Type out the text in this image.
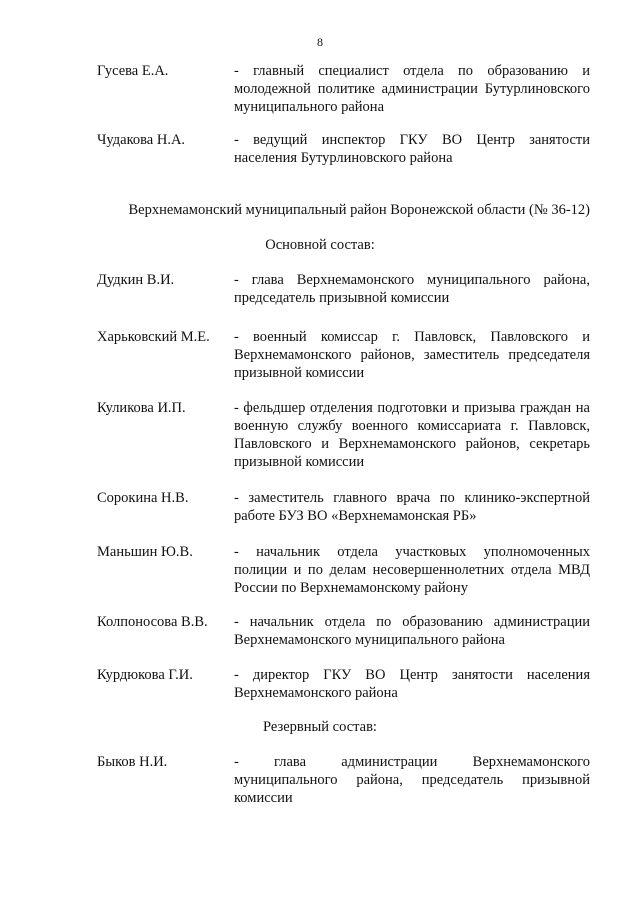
8
Гусева Е.А.	- главный специалист отдела по образованию и молодежной политике администрации Бутурлиновского муниципального района
Чудакова Н.А.	- ведущий инспектор ГКУ ВО Центр занятости населения Бутурлиновского района
Верхнемамонский муниципальный район Воронежской области (№ 36-12)
Основной состав:
Дудкин В.И.	- глава Верхнемамонского муниципального района, председатель призывной комиссии
Харьковский М.Е. - военный комиссар г. Павловск, Павловского и Верхнемамонского районов, заместитель председателя призывной комиссии
Куликова И.П.	- фельдшер отделения подготовки и призыва граждан на военную службу военного комиссариата г. Павловск, Павловского и Верхнемамонского районов, секретарь призывной комиссии
Сорокина Н.В.	- заместитель главного врача по клинико-экспертной работе БУЗ ВО «Верхнемамонская РБ»
Маньшин Ю.В.	- начальник отдела участковых уполномоченных полиции и по делам несовершеннолетних отдела МВД России по Верхнемамонскому району
Колпоносова В.В. - начальник отдела по образованию администрации Верхнемамонского муниципального района
Курдюкова Г.И.	- директор ГКУ ВО Центр занятости населения Верхнемамонского района
Резервный состав:
Быков Н.И.	- глава администрации Верхнемамонского муниципального района, председатель призывной комиссии
